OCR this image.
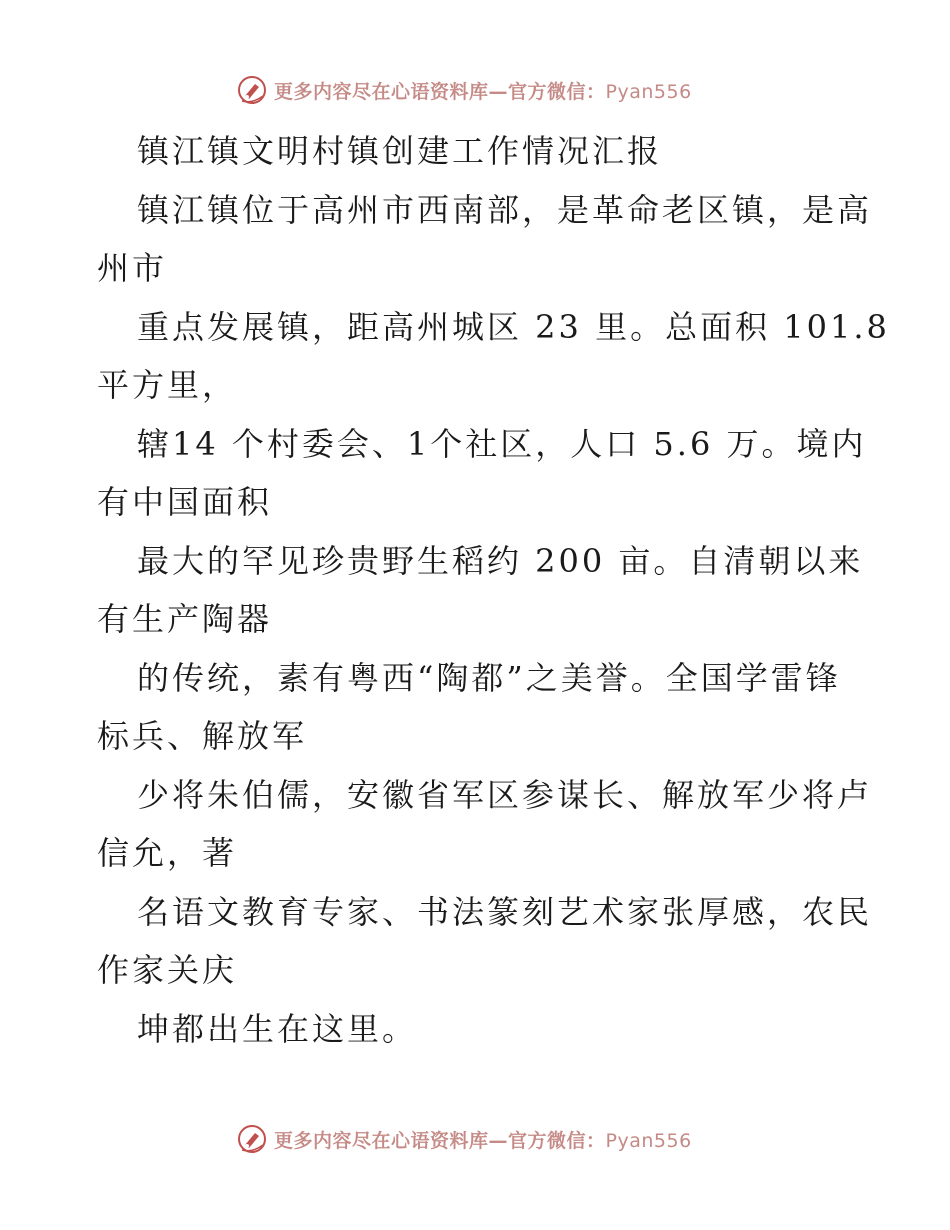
更多内容尽在心语资料库—官方微信：Pyan556
镇江镇文明村镇创建工作情况汇报
镇江镇位于高州市西南部，是革命老区镇，是高
州市
重点发展镇，距高州城区 23 里。总面积 101.8
平方里，
辖14 个村委会、1个社区，人口 5.6 万。境内
有中国面积
最大的罕见珍贵野生稻约 200 亩。自清朝以来
有生产陶器
的传统，素有粤西“陶都”之美誉。全国学雷锋
标兵、解放军
少将朱伯儒，安徽省军区参谋长、解放军少将卢
信允，著
名语文教育专家、书法篆刻艺术家张厚感，农民
作家关庆
坤都出生在这里。
更多内容尽在心语资料库—官方微信：Pyan556
